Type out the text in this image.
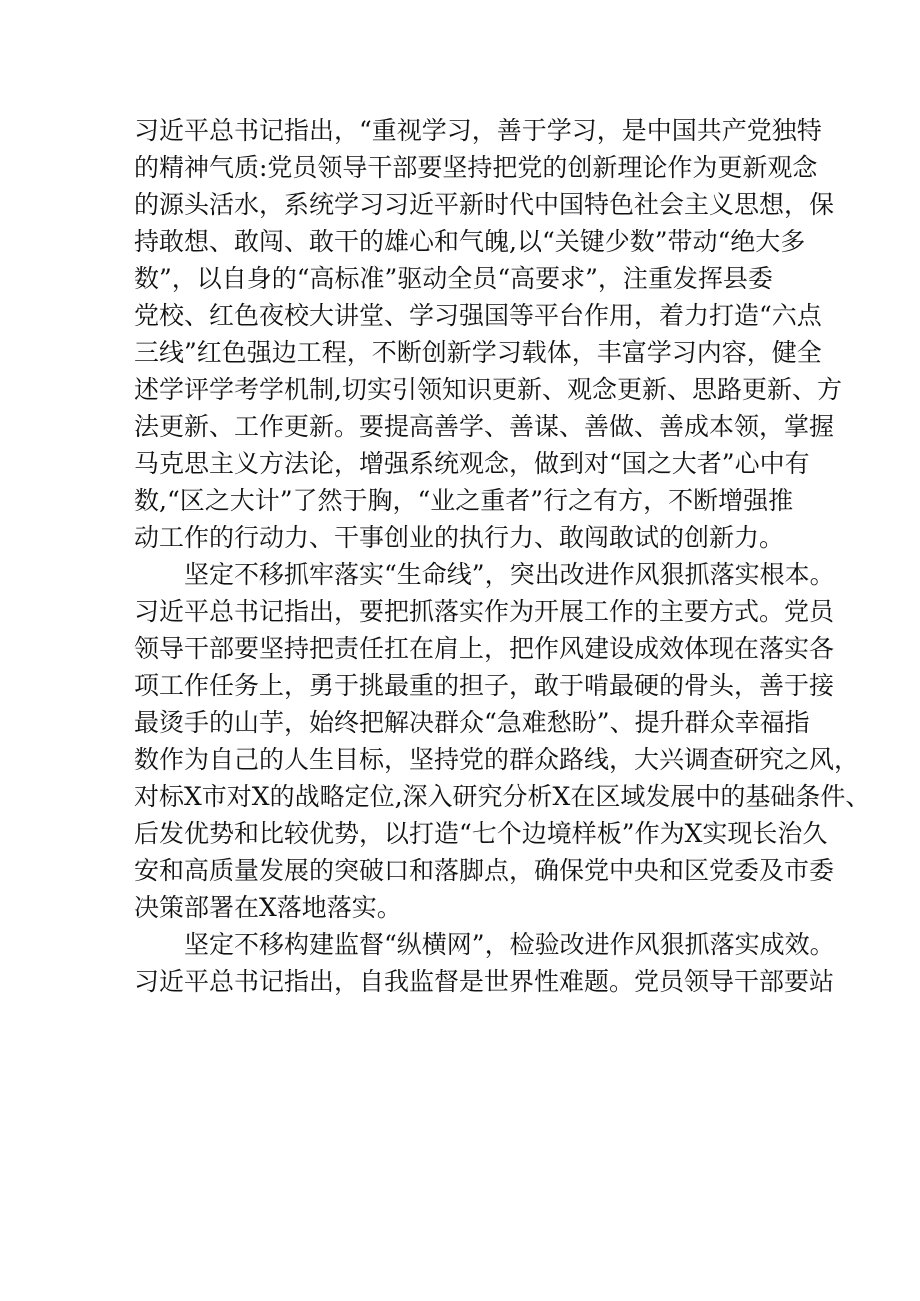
习近平总书记指出，“重视学习，善于学习，是中国共产党独特

的精神气质:党员领导干部要坚持把党的创新理论作为更新观念

的源头活水，系统学习习近平新时代中国特色社会主义思想，保

持敢想、敢闯、敢干的雄心和气魄,以“关键少数”带动“绝大多

数”，以自身的“高标准”驱动全员“高要求”，注重发挥县委

党校、红色夜校大讲堂、学习强国等平台作用，着力打造“六点

三线”红色强边工程，不断创新学习载体，丰富学习内容，健全

述学评学考学机制,切实引领知识更新、观念更新、思路更新、方

法更新、工作更新。要提高善学、善谋、善做、善成本领，掌握

马克思主义方法论，增强系统观念，做到对“国之大者”心中有

数,“区之大计”了然于胸，“业之重者”行之有方，不断增强推

动工作的行动力、干事创业的执行力、敢闯敢试的创新力。

　　坚定不移抓牢落实“生命线”，突出改进作风狠抓落实根本。

习近平总书记指出，要把抓落实作为开展工作的主要方式。党员

领导干部要坚持把责任扛在肩上，把作风建设成效体现在落实各

项工作任务上，勇于挑最重的担子，敢于啃最硬的骨头，善于接

最烫手的山芋，始终把解决群众“急难愁盼”、提升群众幸福指

数作为自己的人生目标，坚持党的群众路线，大兴调查研究之风，

对标X市对X的战略定位,深入研究分析X在区域发展中的基础条件、

后发优势和比较优势，以打造“七个边境样板”作为X实现长治久

安和高质量发展的突破口和落脚点，确保党中央和区党委及市委

决策部署在X落地落实。

　　坚定不移构建监督“纵横网”，检验改进作风狠抓落实成效。

习近平总书记指出，自我监督是世界性难题。党员领导干部要站
